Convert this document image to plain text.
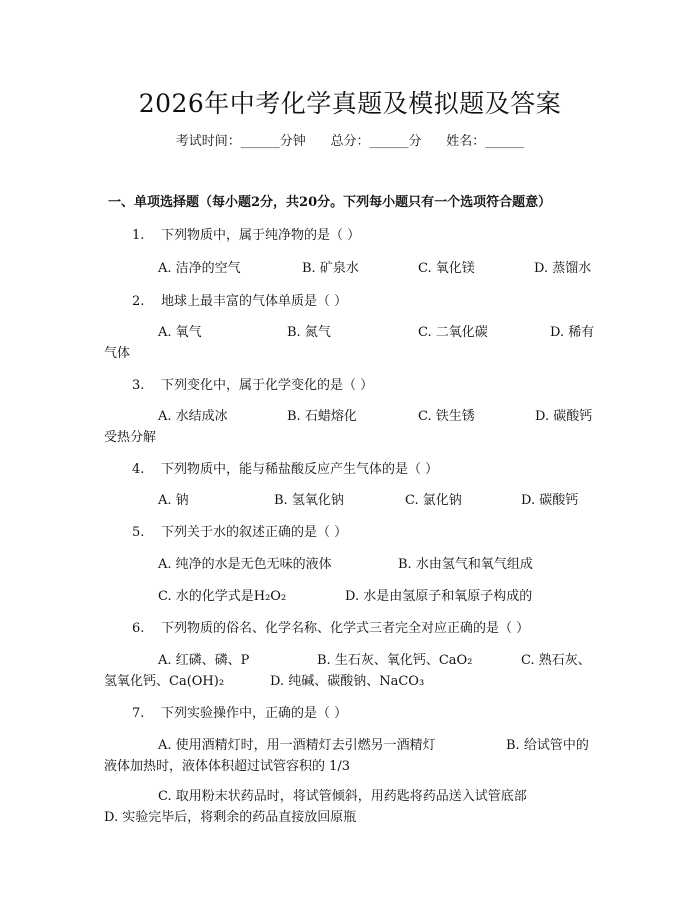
2026年中考化学真题及模拟题及答案
考试时间：______分钟      总分：______分      姓名：______
一、单项选择题（每小题2分，共20分。下列每小题只有一个选项符合题意）
1. 下列物质中，属于纯净物的是（ ）
A. 洁净的空气	B. 矿泉水	C. 氧化镁	D. 蒸馏水
2. 地球上最丰富的气体单质是（ ）
A. 氧气	B. 氮气	C. 二氧化碳	D. 稀有
气体
3. 下列变化中，属于化学变化的是（ ）
A. 水结成冰	B. 石蜡熔化	C. 铁生锈	D. 碳酸钙
受热分解
4. 下列物质中，能与稀盐酸反应产生气体的是（ ）
A. 钠	B. 氢氧化钠	C. 氯化钠	D. 碳酸钙
5. 下列关于水的叙述正确的是（ ）
A. 纯净的水是无色无味的液体	B. 水由氢气和氧气组成
C. 水的化学式是H₂O₂	D. 水是由氢原子和氧原子构成的
6. 下列物质的俗名、化学名称、化学式三者完全对应正确的是（ ）
A. 红磷、磷、P	B. 生石灰、氧化钙、CaO₂	C. 熟石灰、
氢氧化钙、Ca(OH)₂	D. 纯碱、碳酸钠、NaCO₃
7. 下列实验操作中，正确的是（ ）
A. 使用酒精灯时，用一酒精灯去引燃另一酒精灯	B. 给试管中的
液体加热时，液体体积超过试管容积的 1/3
C. 取用粉末状药品时，将试管倾斜，用药匙将药品送入试管底部
D. 实验完毕后，将剩余的药品直接放回原瓶
